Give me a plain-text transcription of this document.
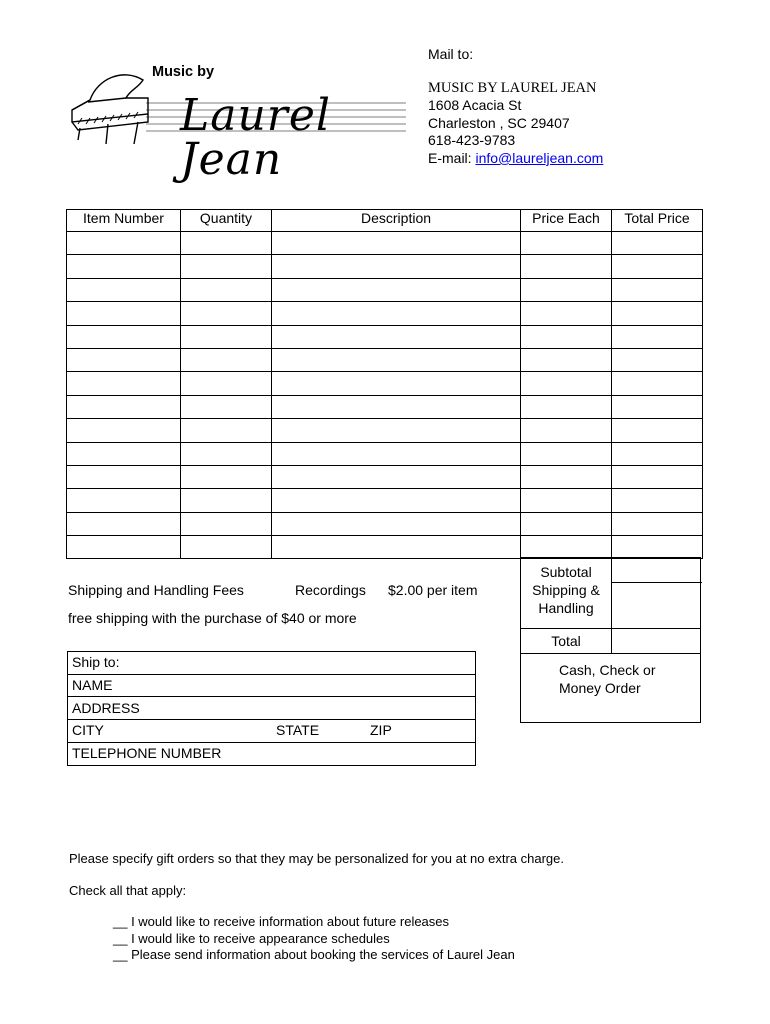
Music by
Laurel Jean
Mail to:
MUSIC BY LAUREL JEAN
1608 Acacia St
Charleston , SC 29407
618-423-9783
E-mail: info@laureljean.com
Item Number	Quantity	Description	Price Each	Total Price

Shipping and Handling Fees	Recordings $2.00 per item
free shipping with the purchase of $40 or more
Subtotal
Shipping &
Handling
Total
Cash, Check or
Money Order
Ship to:
NAME
ADDRESS
CITY	STATE	ZIP
TELEPHONE NUMBER
Please specify gift orders so that they may be personalized for you at no extra charge.
Check all that apply:
__ I would like to receive information about future releases
__ I would like to receive appearance schedules
__ Please send information about booking the services of Laurel Jean
